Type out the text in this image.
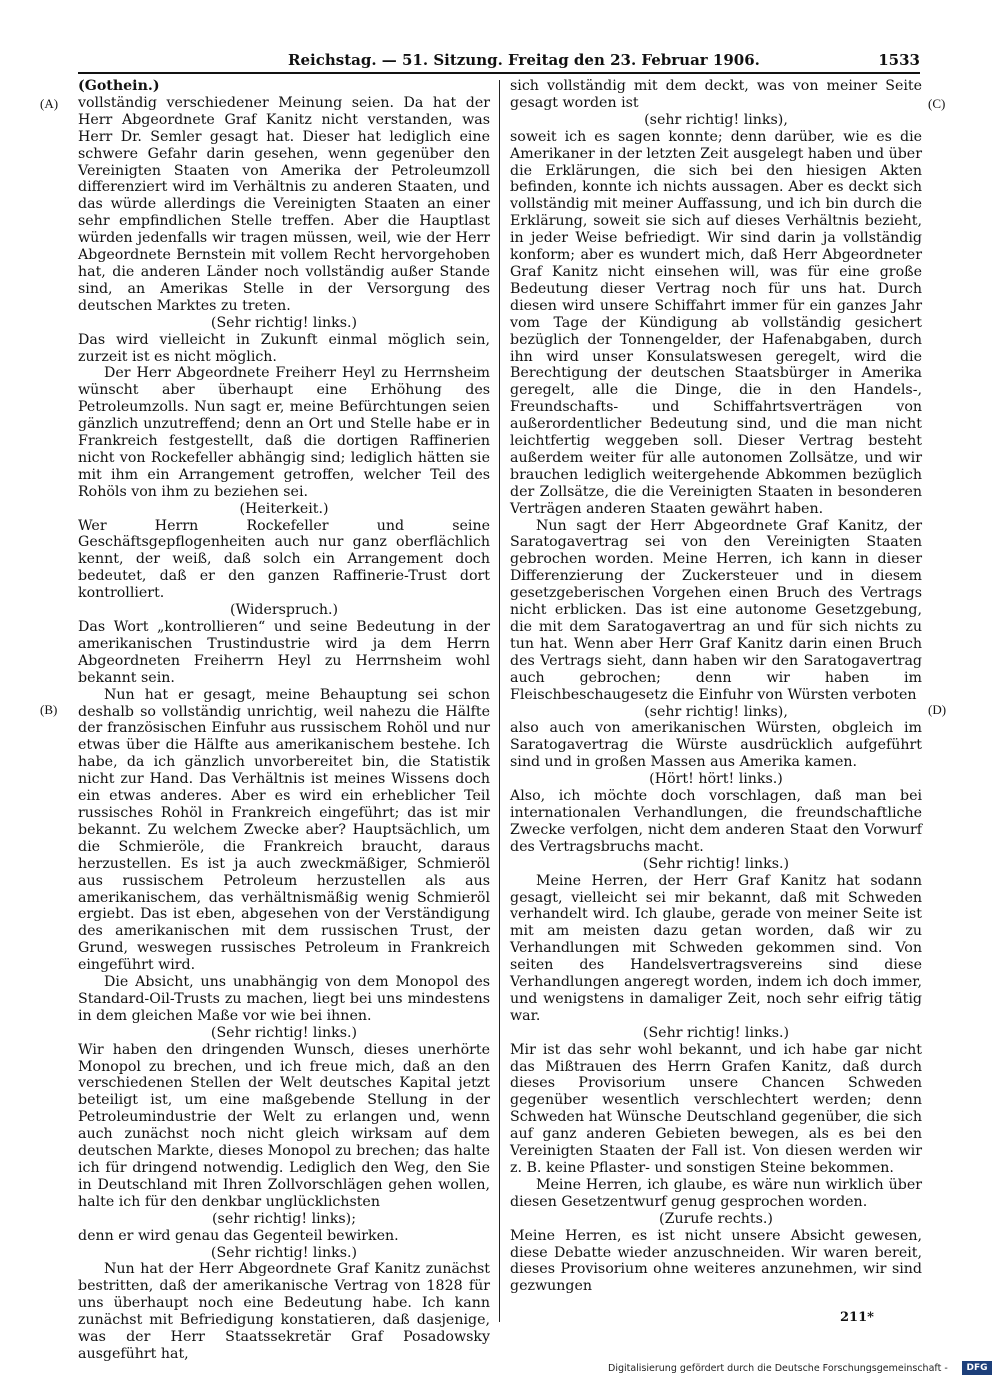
Reichstag. — 51. Sitzung. Freitag den 23. Februar 1906.	1533
(A)
(B)
(C)
(D)

(Gothein.)

vollständig verschiedener Meinung seien. Da hat der Herr Abgeordnete Graf Kanitz nicht verstanden, was Herr Dr. Semler gesagt hat. Dieser hat lediglich eine schwere Gefahr darin gesehen, wenn gegenüber den Vereinigten Staaten von Amerika der Petroleumzoll differenziert wird im Verhältnis zu anderen Staaten, und das würde allerdings die Vereinigten Staaten an einer sehr empfindlichen Stelle treffen. Aber die Hauptlast würden jedenfalls wir tragen müssen, weil, wie der Herr Abgeordnete Bernstein mit vollem Recht hervorgehoben hat, die anderen Länder noch vollständig außer Stande sind, an Amerikas Stelle in der Versorgung des deutschen Marktes zu treten.

(Sehr richtig! links.)

Das wird vielleicht in Zukunft einmal möglich sein, zurzeit ist es nicht möglich.

Der Herr Abgeordnete Freiherr Heyl zu Herrnsheim wünscht aber überhaupt eine Erhöhung des Petroleumzolls. Nun sagt er, meine Befürchtungen seien gänzlich unzutreffend; denn an Ort und Stelle habe er in Frankreich festgestellt, daß die dortigen Raffinerien nicht von Rockefeller abhängig sind; lediglich hätten sie mit ihm ein Arrangement getroffen, welcher Teil des Rohöls von ihm zu beziehen sei.

(Heiterkeit.)

Wer Herrn Rockefeller und seine Geschäftsgepflogenheiten auch nur ganz oberflächlich kennt, der weiß, daß solch ein Arrangement doch bedeutet, daß er den ganzen Raffinerie-Trust dort kontrolliert.

(Widerspruch.)

Das Wort „kontrollieren“ und seine Bedeutung in der amerikanischen Trustindustrie wird ja dem Herrn Abgeordneten Freiherrn Heyl zu Herrnsheim wohl bekannt sein.

Nun hat er gesagt, meine Behauptung sei schon deshalb so vollständig unrichtig, weil nahezu die Hälfte der französischen Einfuhr aus russischem Rohöl und nur etwas über die Hälfte aus amerikanischem bestehe. Ich habe, da ich gänzlich unvorbereitet bin, die Statistik nicht zur Hand. Das Verhältnis ist meines Wissens doch ein etwas anderes. Aber es wird ein erheblicher Teil russisches Rohöl in Frankreich eingeführt; das ist mir bekannt. Zu welchem Zwecke aber? Hauptsächlich, um die Schmieröle, die Frankreich braucht, daraus herzustellen. Es ist ja auch zweckmäßiger, Schmieröl aus russischem Petroleum herzustellen als aus amerikanischem, das verhältnismäßig wenig Schmieröl ergiebt. Das ist eben, abgesehen von der Verständigung des amerikanischen mit dem russischen Trust, der Grund, weswegen russisches Petroleum in Frankreich eingeführt wird.

Die Absicht, uns unabhängig von dem Monopol des Standard-Oil-Trusts zu machen, liegt bei uns mindestens in dem gleichen Maße vor wie bei ihnen.

(Sehr richtig! links.)

Wir haben den dringenden Wunsch, dieses unerhörte Monopol zu brechen, und ich freue mich, daß an den verschiedenen Stellen der Welt deutsches Kapital jetzt beteiligt ist, um eine maßgebende Stellung in der Petroleumindustrie der Welt zu erlangen und, wenn auch zunächst noch nicht gleich wirksam auf dem deutschen Markte, dieses Monopol zu brechen; das halte ich für dringend notwendig. Lediglich den Weg, den Sie in Deutschland mit Ihren Zollvorschlägen gehen wollen, halte ich für den denkbar unglücklichsten

(sehr richtig! links);

denn er wird genau das Gegenteil bewirken.

(Sehr richtig! links.)

Nun hat der Herr Abgeordnete Graf Kanitz zunächst bestritten, daß der amerikanische Vertrag von 1828 für uns überhaupt noch eine Bedeutung habe. Ich kann zunächst mit Befriedigung konstatieren, daß dasjenige, was der Herr Staatssekretär Graf Posadowsky ausgeführt hat,

sich vollständig mit dem deckt, was von meiner Seite gesagt worden ist

(sehr richtig! links),

soweit ich es sagen konnte; denn darüber, wie es die Amerikaner in der letzten Zeit ausgelegt haben und über die Erklärungen, die sich bei den hiesigen Akten befinden, konnte ich nichts aussagen. Aber es deckt sich vollständig mit meiner Auffassung, und ich bin durch die Erklärung, soweit sie sich auf dieses Verhältnis bezieht, in jeder Weise befriedigt. Wir sind darin ja vollständig konform; aber es wundert mich, daß Herr Abgeordneter Graf Kanitz nicht einsehen will, was für eine große Bedeutung dieser Vertrag noch für uns hat. Durch diesen wird unsere Schiffahrt immer für ein ganzes Jahr vom Tage der Kündigung ab vollständig gesichert bezüglich der Tonnengelder, der Hafenabgaben, durch ihn wird unser Konsulatswesen geregelt, wird die Berechtigung der deutschen Staatsbürger in Amerika geregelt, alle die Dinge, die in den Handels-, Freundschafts- und Schiffahrtsverträgen von außerordentlicher Bedeutung sind, und die man nicht leichtfertig weggeben soll. Dieser Vertrag besteht außerdem weiter für alle autonomen Zollsätze, und wir brauchen lediglich weitergehende Abkommen bezüglich der Zollsätze, die die Vereinigten Staaten in besonderen Verträgen anderen Staaten gewährt haben.

Nun sagt der Herr Abgeordnete Graf Kanitz, der Saratogavertrag sei von den Vereinigten Staaten gebrochen worden. Meine Herren, ich kann in dieser Differenzierung der Zuckersteuer und in diesem gesetzgeberischen Vorgehen einen Bruch des Vertrags nicht erblicken. Das ist eine autonome Gesetzgebung, die mit dem Saratogavertrag an und für sich nichts zu tun hat. Wenn aber Herr Graf Kanitz darin einen Bruch des Vertrags sieht, dann haben wir den Saratogavertrag auch gebrochen; denn wir haben im Fleischbeschaugesetz die Einfuhr von Würsten verboten

(sehr richtig! links),

also auch von amerikanischen Würsten, obgleich im Saratogavertrag die Würste ausdrücklich aufgeführt sind und in großen Massen aus Amerika kamen.

(Hört! hört! links.)

Also, ich möchte doch vorschlagen, daß man bei internationalen Verhandlungen, die freundschaftliche Zwecke verfolgen, nicht dem anderen Staat den Vorwurf des Vertragsbruchs macht.

(Sehr richtig! links.)

Meine Herren, der Herr Graf Kanitz hat sodann gesagt, vielleicht sei mir bekannt, daß mit Schweden verhandelt wird. Ich glaube, gerade von meiner Seite ist mit am meisten dazu getan worden, daß wir zu Verhandlungen mit Schweden gekommen sind. Von seiten des Handelsvertragsvereins sind diese Verhandlungen angeregt worden, indem ich doch immer, und wenigstens in damaliger Zeit, noch sehr eifrig tätig war.

(Sehr richtig! links.)

Mir ist das sehr wohl bekannt, und ich habe gar nicht das Mißtrauen des Herrn Grafen Kanitz, daß durch dieses Provisorium unsere Chancen Schweden gegenüber wesentlich verschlechtert werden; denn Schweden hat Wünsche Deutschland gegenüber, die sich auf ganz anderen Gebieten bewegen, als es bei den Vereinigten Staaten der Fall ist. Von diesen werden wir z. B. keine Pflaster- und sonstigen Steine bekommen.

Meine Herren, ich glaube, es wäre nun wirklich über diesen Gesetzentwurf genug gesprochen worden.

(Zurufe rechts.)

Meine Herren, es ist nicht unsere Absicht gewesen, diese Debatte wieder anzuschneiden. Wir waren bereit, dieses Provisorium ohne weiteres anzunehmen, wir sind gezwungen

211*
Digitalisierung gefördert durch die Deutsche Forschungsgemeinschaft -	DFG
